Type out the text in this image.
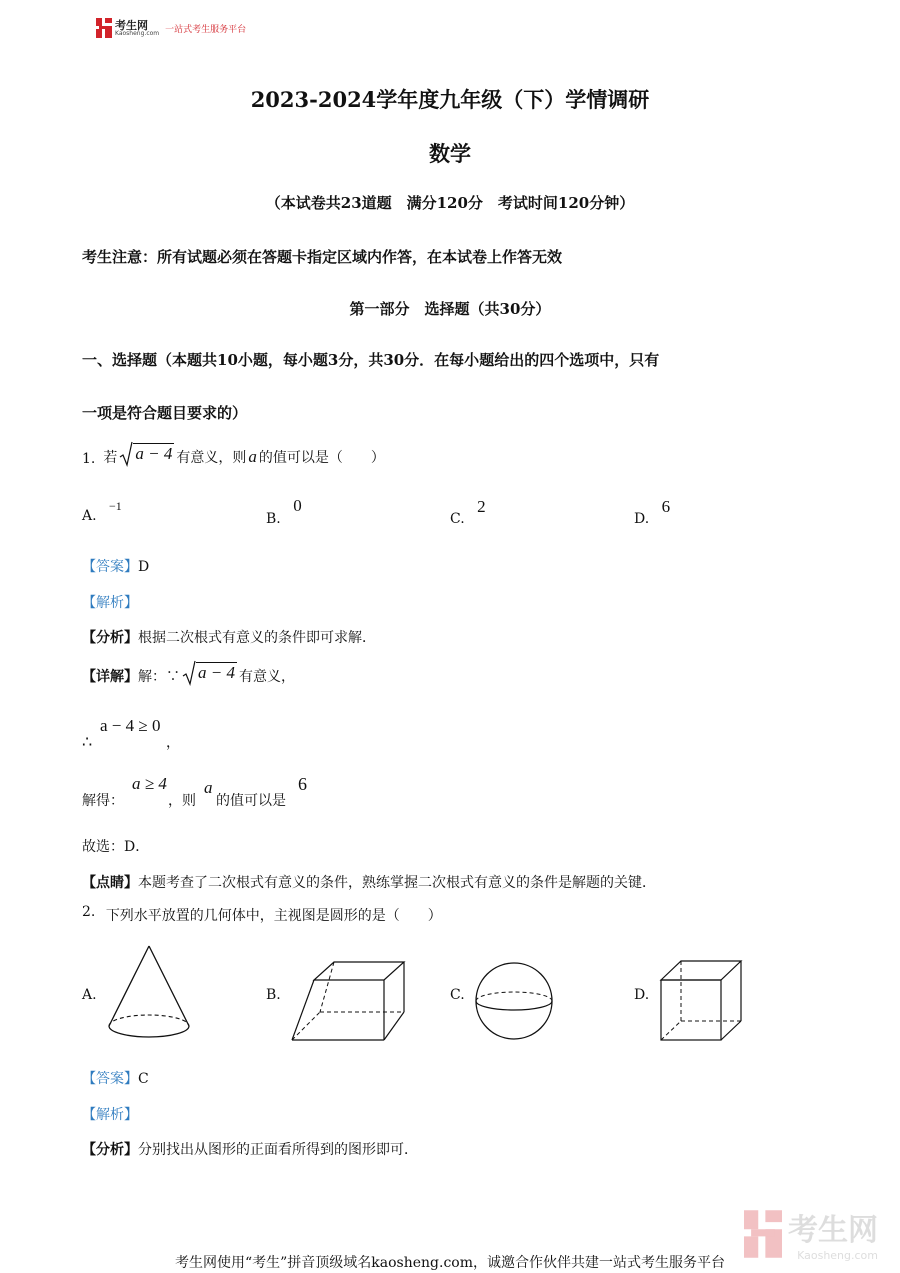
考生网
Kaosheng.com 一站式考生服务平台
2023-2024学年度九年级（下）学情调研
数学
（本试卷共23道题　满分120分　考试时间120分钟）
考生注意：所有试题必须在答题卡指定区域内作答，在本试卷上作答无效
第一部分　选择题（共30分）
一、选择题（本题共10小题，每小题3分，共30分．在每小题给出的四个选项中，只有
一项是符合题目要求的）
1. 若	a − 4 有意义，则 a 的值可以是（　　）
A. −1
B. 0
C. 2
D. 6
【答案】D
【解析】
【分析】根据二次根式有意义的条件即可求解．
【详解】 解：∵	a − 4 有意义，
a − 4 ≥ 0
∴	，
解得：
a ≥ 4
，则
a
的值可以是
6
故选：D．
【点睛】本题考查了二次根式有意义的条件，熟练掌握二次根式有意义的条件是解题的关键．
2. 下列水平放置的几何体中，主视图是圆形的是（　　）
A.	B.	C.	D.
【答案】C
【解析】
【分析】分别找出从图形的正面看所得到的图形即可．
考生网
Kaosheng.com
考生网使用“考生”拼音顶级域名kaosheng.com，诚邀合作伙伴共建一站式考生服务平台
